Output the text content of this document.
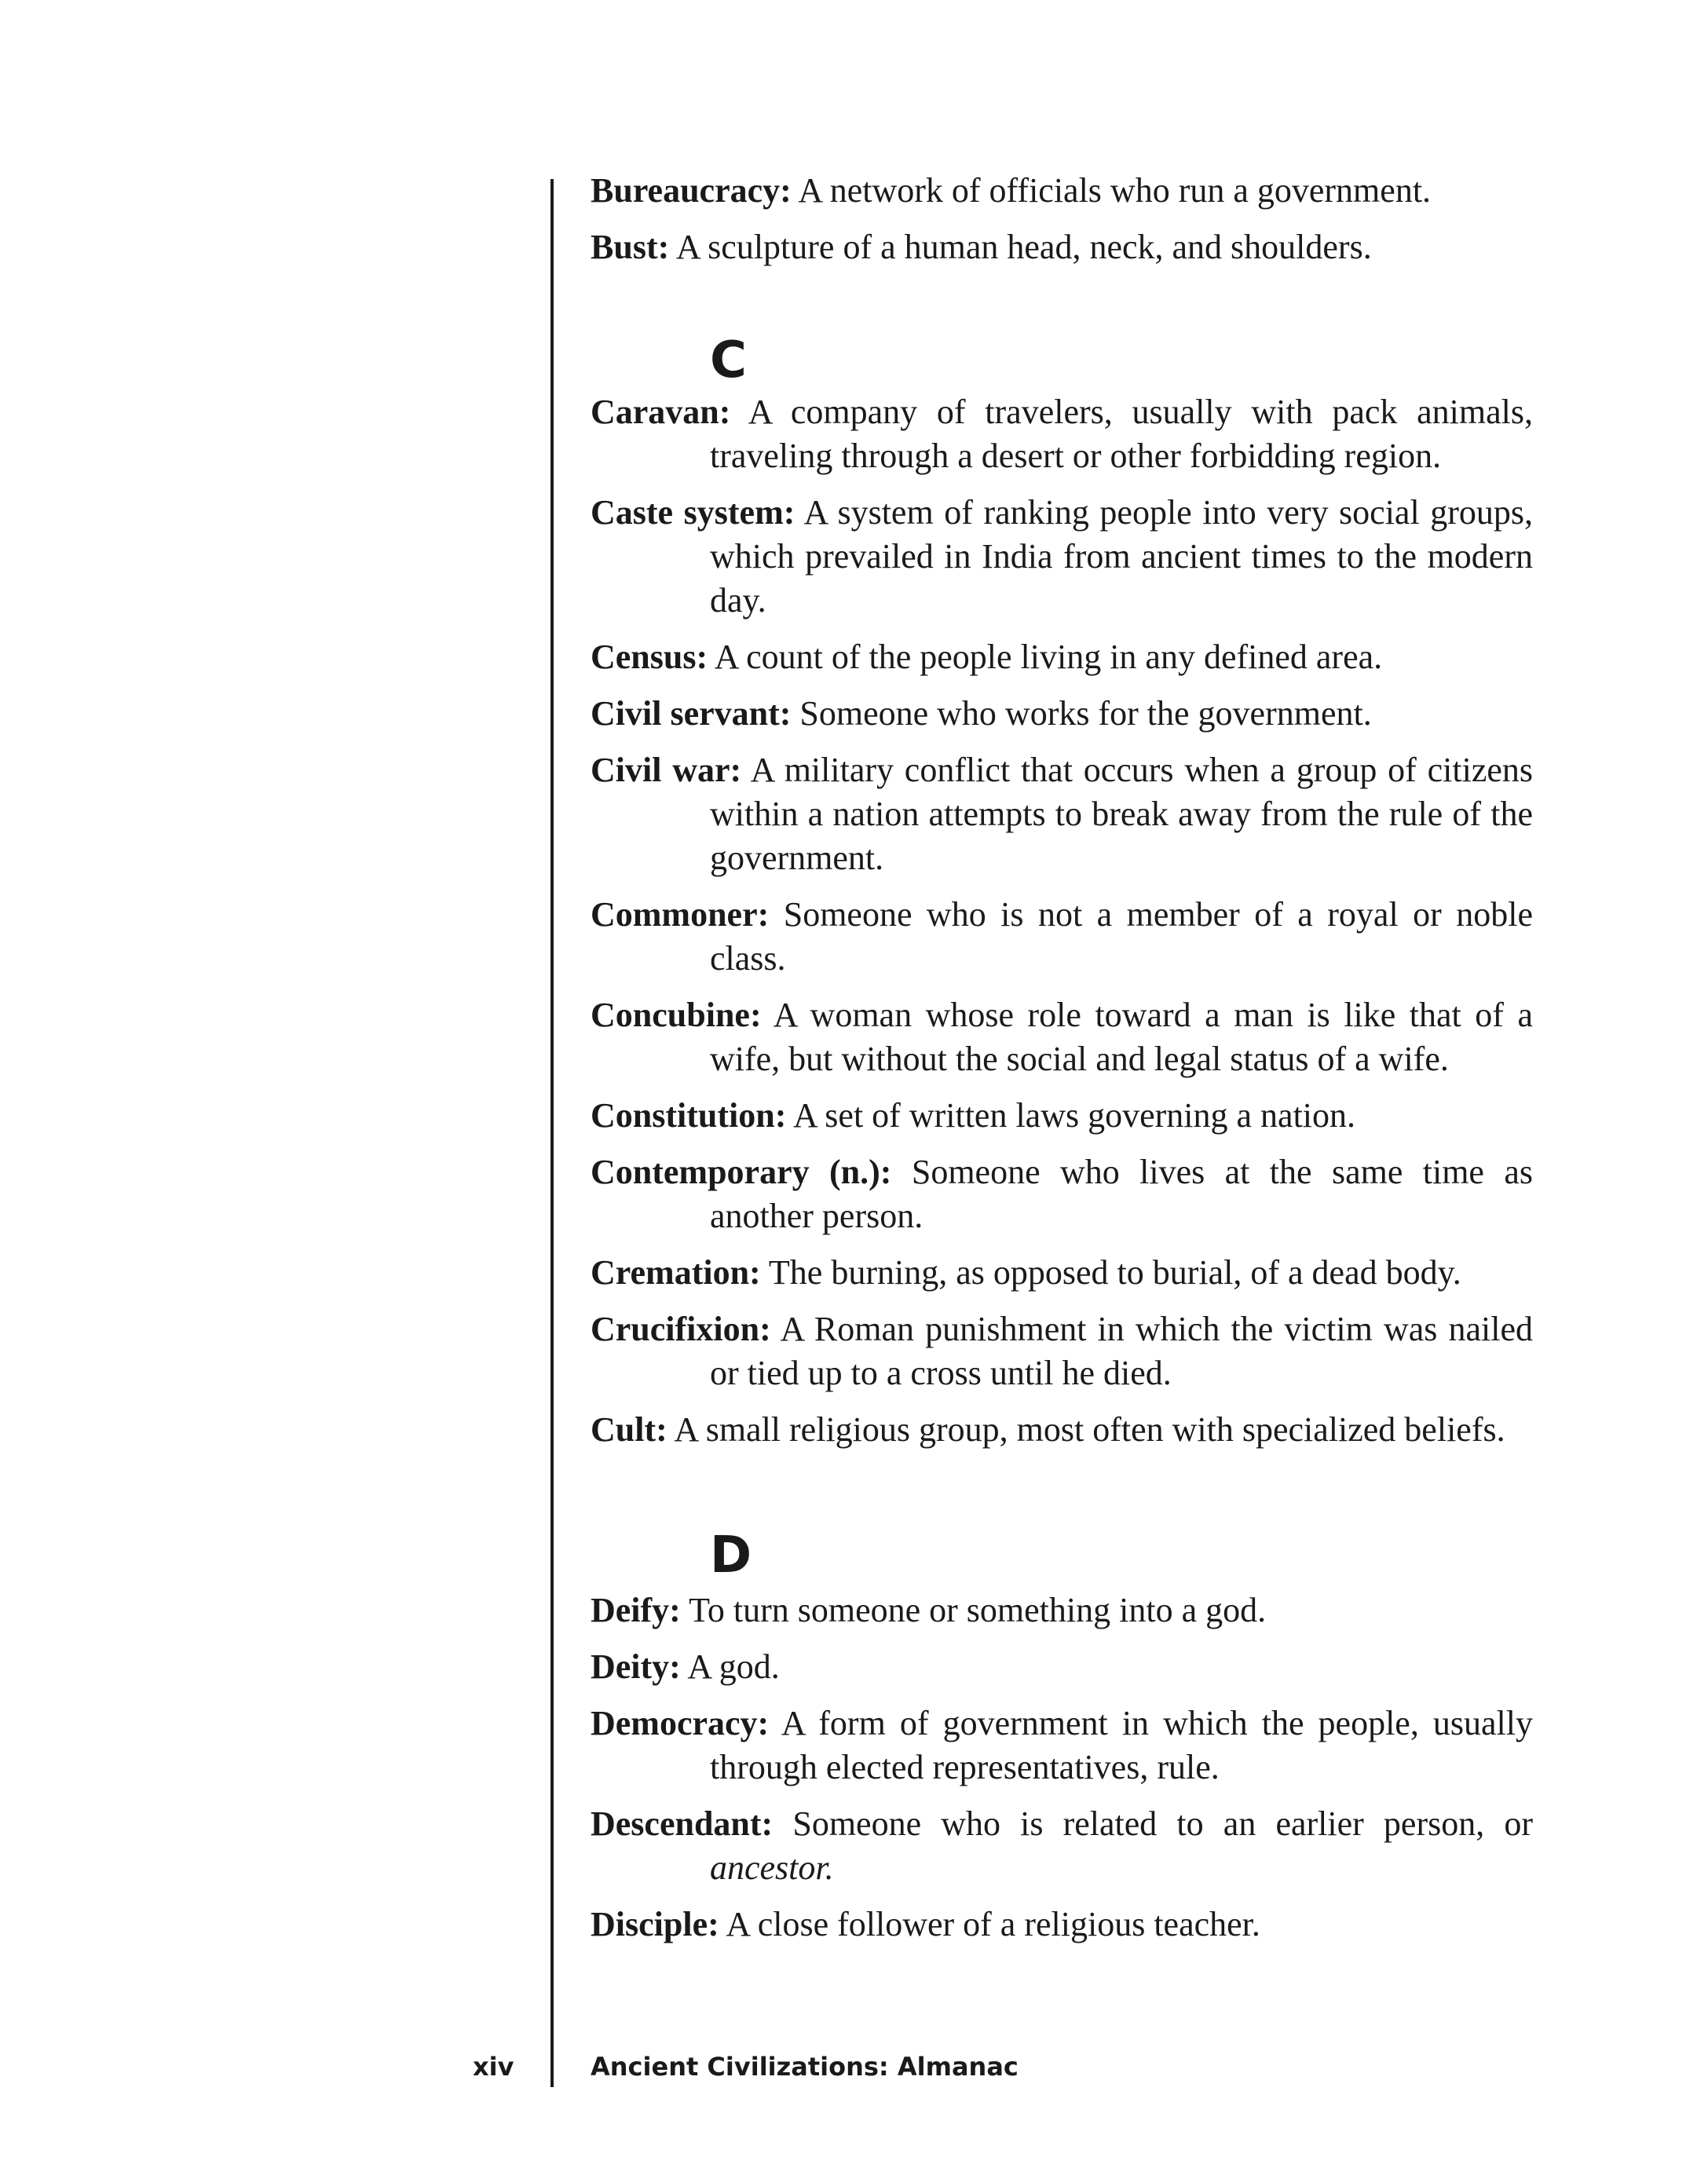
Bureaucracy: A network of officials who run a government.

Bust: A sculpture of a human head, neck, and shoulders.

C

Caravan: A company of travelers, usually with pack animals, traveling through a desert or other forbidding region.

Caste system: A system of ranking people into very social groups, which prevailed in India from ancient times to the modern day.

Census: A count of the people living in any defined area.

Civil servant: Someone who works for the government.

Civil war: A military conflict that occurs when a group of citizens within a nation attempts to break away from the rule of the government.

Commoner: Someone who is not a member of a royal or noble class.

Concubine: A woman whose role toward a man is like that of a wife, but without the social and legal status of a wife.

Constitution: A set of written laws governing a nation.

Contemporary (n.): Someone who lives at the same time as another person.

Cremation: The burning, as opposed to burial, of a dead body.

Crucifixion: A Roman punishment in which the victim was nailed or tied up to a cross until he died.

Cult: A small religious group, most often with specialized beliefs.

D

Deify: To turn someone or something into a god.

Deity: A god.

Democracy: A form of government in which the people, usually through elected representatives, rule.

Descendant: Someone who is related to an earlier person, or ancestor.

Disciple: A close follower of a religious teacher.

xiv	Ancient Civilizations: Almanac
